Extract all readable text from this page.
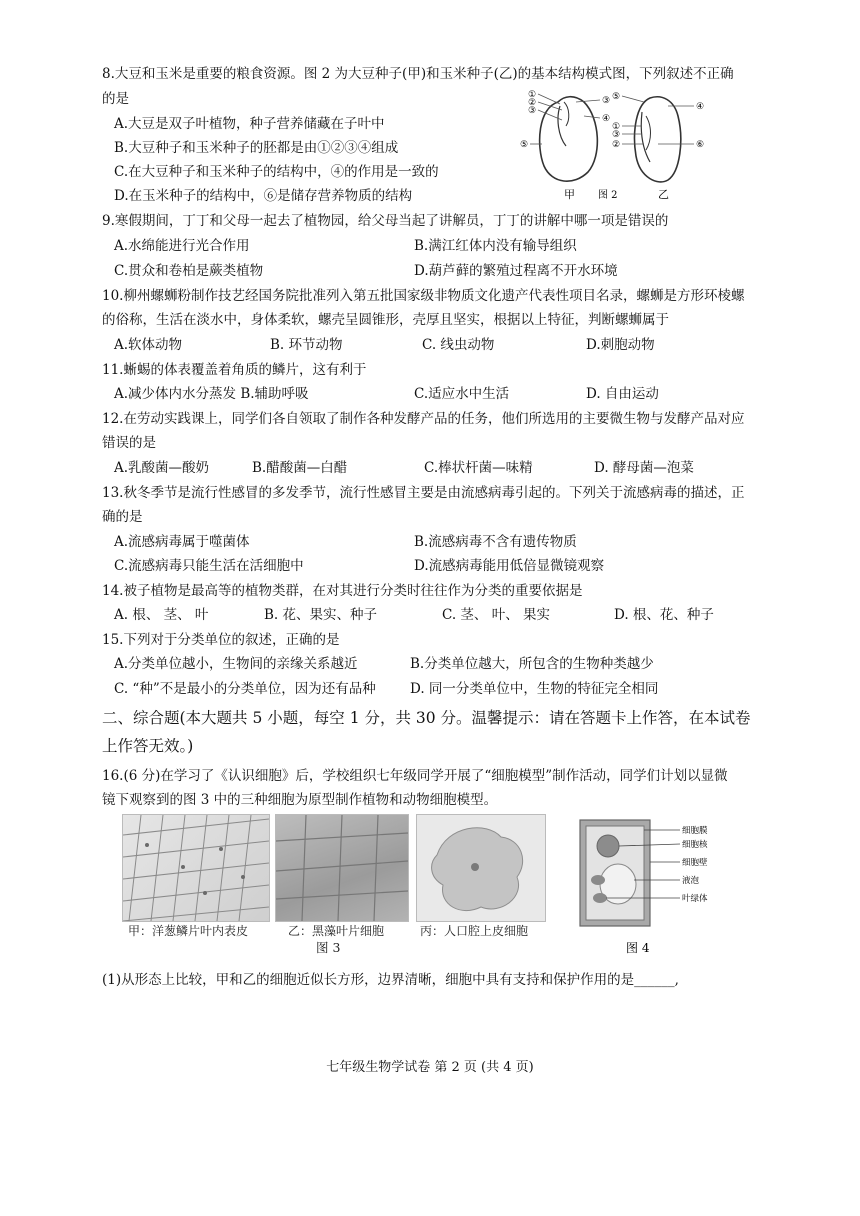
8.大豆和玉米是重要的粮食资源。图 2 为大豆种子(甲)和玉米种子(乙)的基本结构模式图，下列叙述不正确
的是
A.大豆是双子叶植物，种子营养储藏在子叶中
B.大豆种子和玉米种子的胚都是由①②③④组成
C.在大豆种子和玉米种子的结构中，④的作用是一致的
D.在玉米种子的结构中，⑥是储存营养物质的结构
①
②
③
③
④
⑤
⑤
①
③
②
④
⑥
甲 图 2	乙
9.寒假期间，丁丁和父母一起去了植物园，给父母当起了讲解员，丁丁的讲解中哪一项是错误的
A.水绵能进行光合作用	B.满江红体内没有输导组织
C.贯众和卷柏是蕨类植物	D.葫芦藓的繁殖过程离不开水环境
10.柳州螺蛳粉制作技艺经国务院批准列入第五批国家级非物质文化遗产代表性项目名录，螺蛳是方形环棱螺
的俗称，生活在淡水中，身体柔软，螺壳呈圆锥形，壳厚且坚实，根据以上特征，判断螺蛳属于
A.软体动物	B. 环节动物	C. 线虫动物	D.刺胞动物
11.蜥蜴的体表覆盖着角质的鳞片，这有利于
A.减少体内水分蒸发 B.辅助呼吸	C.适应水中生活	D. 自由运动
12.在劳动实践课上，同学们各自领取了制作各种发酵产品的任务，他们所选用的主要微生物与发酵产品对应
错误的是
A.乳酸菌—酸奶	B.醋酸菌—白醋	C.棒状杆菌—味精	D. 酵母菌—泡菜
13.秋冬季节是流行性感冒的多发季节，流行性感冒主要是由流感病毒引起的。下列关于流感病毒的描述，正
确的是
A.流感病毒属于噬菌体	B.流感病毒不含有遗传物质
C.流感病毒只能生活在活细胞中	D.流感病毒能用低倍显微镜观察
14.被子植物是最高等的植物类群，在对其进行分类时往往作为分类的重要依据是
A. 根、 茎、 叶	B. 花、果实、种子	C. 茎、 叶、 果实	D. 根、花、种子
15.下列对于分类单位的叙述，正确的是
A.分类单位越小，生物间的亲缘关系越近	B.分类单位越大，所包含的生物种类越少
C. “种”不是最小的分类单位，因为还有品种	D. 同一分类单位中，生物的特征完全相同
二、综合题(本大题共 5 小题，每空 1 分，共 30 分。温馨提示：请在答题卡上作答，在本试卷
上作答无效。)
16.(6 分)在学习了《认识细胞》后，学校组织七年级同学开展了“细胞模型”制作活动，同学们计划以显微
镜下观察到的图 3 中的三种细胞为原型制作植物和动物细胞模型。
甲：洋葱鳞片叶内表皮	乙：黑藻叶片细胞	丙：人口腔上皮细胞
图 3
细胞膜
细胞核
细胞壁
液泡
叶绿体
图 4
(1)从形态上比较，甲和乙的细胞近似长方形，边界清晰，细胞中具有支持和保护作用的是______,
七年级生物学试卷 第 2 页 (共 4 页)
